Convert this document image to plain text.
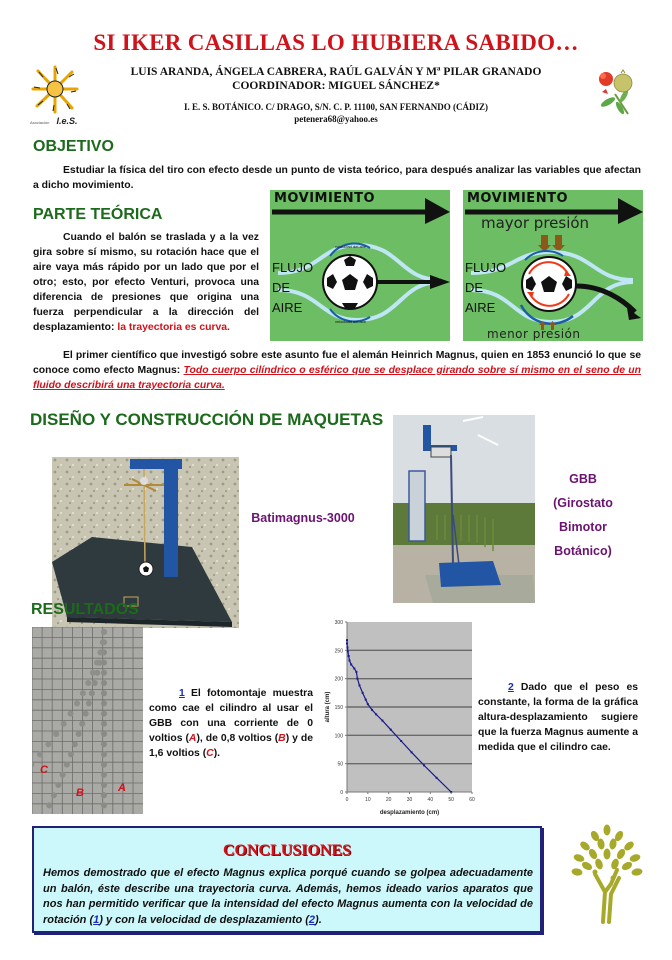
SI IKER CASILLAS LO HUBIERA SABIDO…
Asociación I.e.S.
LUIS ARANDA, ÁNGELA CABRERA, RAÚL GALVÁN Y Mª PILAR GRANADO
COORDINADOR: MIGUEL SÁNCHEZ*
I. E. S. BOTÁNICO. C/ DRAGO, S/N. C. P. 11100, SAN FERNANDO (CÁDIZ)
petenera68@yahoo.es
OBJETIVO
Estudiar la física del tiro con efecto desde un punto de vista teórico, para después analizar las variables que afectan a dicho movimiento.
PARTE TEÓRICA
Cuando el balón se traslada y a la vez gira sobre sí mismo, su rotación hace que el aire vaya más rápido por un lado que por el otro; esto, por efecto Venturi, provoca una diferencia de presiones que origina una fuerza perpendicular a la dirección del desplazamiento: la trayectoria es curva.
MOVIMIENTO
velocidad del aire
velocidad del aire
FLUJO
DE
AIRE
MOVIMIENTO
mayor presión
FLUJO
DE
AIRE
menor presión
El primer científico que investigó sobre este asunto fue el alemán Heinrich Magnus, quien en 1853 enunció lo que se conoce como efecto Magnus: Todo cuerpo cilíndrico o esférico que se desplace girando sobre sí mismo en el seno de un fluido describirá una trayectoria curva.
DISEÑO Y CONSTRUCCIÓN DE MAQUETAS
Batimagnus-3000
GBB
(Girostato
Bimotor
Botánico)
RESULTADOS
C
B	A
1 El fotomontaje muestra como cae el cilindro al usar el GBB con una corriente de 0 voltios (A), de 0,8 voltios (B) y de 1,6 voltios (C).
0	10	20	30	40	50	60
0
50
100
150
200
250
300
desplazamiento (cm)
altura (cm)
2 Dado que el peso es constante, la forma de la gráfica altura-desplazamiento sugiere que la fuerza Magnus aumente a medida que el cilindro cae.
CONCLUSIONES
Hemos demostrado que el efecto Magnus explica porqué cuando se golpea adecuadamente un balón, éste describe una trayectoria curva. Además, hemos ideado varios aparatos que nos han permitido verificar que la intensidad del efecto Magnus aumenta con la velocidad de rotación (1) y con la velocidad de desplazamiento (2).
